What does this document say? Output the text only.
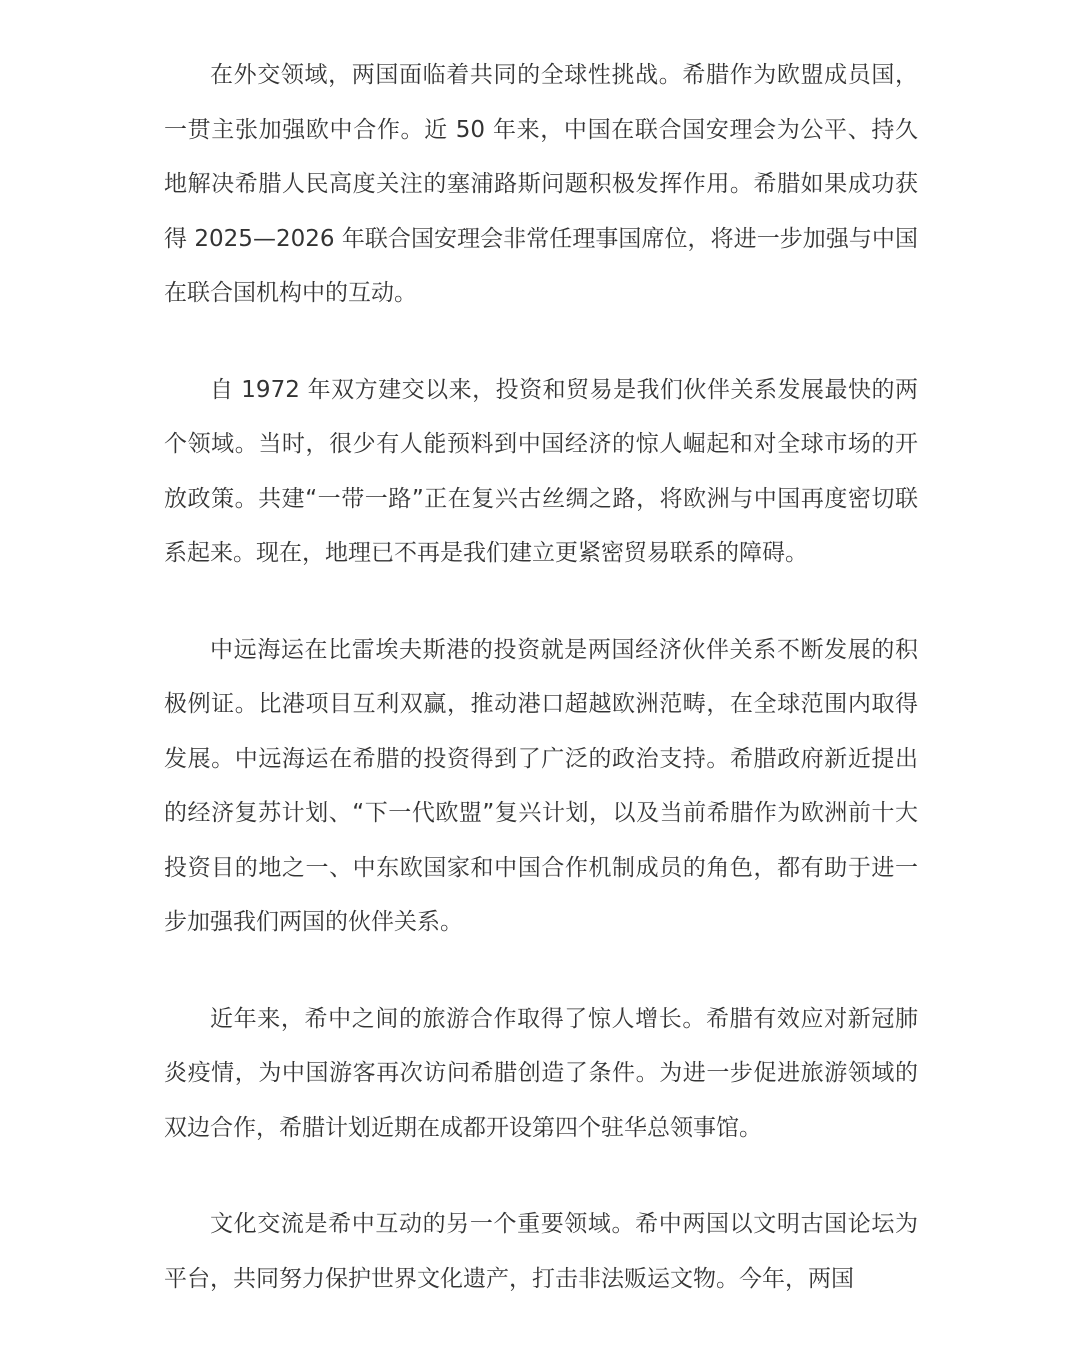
在外交领域，两国面临着共同的全球性挑战。希腊作为欧盟成员国，一贯主张加强欧中合作。近 50 年来，中国在联合国安理会为公平、持久地解决希腊人民高度关注的塞浦路斯问题积极发挥作用。希腊如果成功获得 2025—2026 年联合国安理会非常任理事国席位，将进一步加强与中国在联合国机构中的互动。

自 1972 年双方建交以来，投资和贸易是我们伙伴关系发展最快的两个领域。当时，很少有人能预料到中国经济的惊人崛起和对全球市场的开放政策。共建“一带一路”正在复兴古丝绸之路，将欧洲与中国再度密切联系起来。现在，地理已不再是我们建立更紧密贸易联系的障碍。

中远海运在比雷埃夫斯港的投资就是两国经济伙伴关系不断发展的积极例证。比港项目互利双赢，推动港口超越欧洲范畴，在全球范围内取得发展。中远海运在希腊的投资得到了广泛的政治支持。希腊政府新近提出的经济复苏计划、“下一代欧盟”复兴计划，以及当前希腊作为欧洲前十大投资目的地之一、中东欧国家和中国合作机制成员的角色，都有助于进一步加强我们两国的伙伴关系。

近年来，希中之间的旅游合作取得了惊人增长。希腊有效应对新冠肺炎疫情，为中国游客再次访问希腊创造了条件。为进一步促进旅游领域的双边合作，希腊计划近期在成都开设第四个驻华总领事馆。

文化交流是希中互动的另一个重要领域。希中两国以文明古国论坛为平台，共同努力保护世界文化遗产，打击非法贩运文物。今年，两国
